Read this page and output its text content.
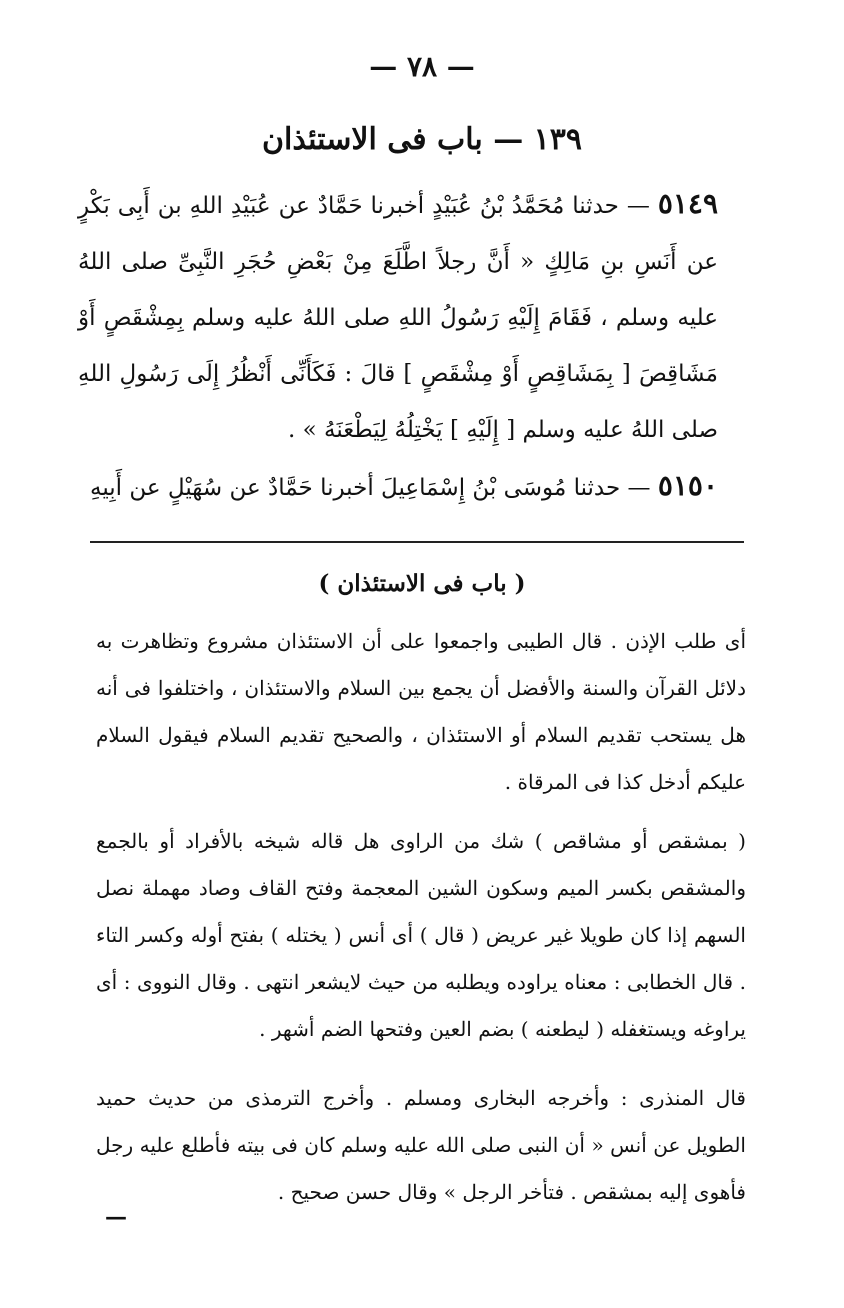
— ٧٨ —
١٣٩ — باب فى الاستئذان
٥١٤٩ — حدثنا مُحَمَّدُ بْنُ عُبَيْدٍ أخبرنا حَمَّادٌ عن عُبَيْدِ اللهِ بن أَبِى بَكْرٍ عن أَنَسِ بنِ مَالِكٍ « أَنَّ رجلاً اطَّلَعَ مِنْ بَعْضِ حُجَرِ النَّبِىِّ صلى اللهُ عليه وسلم ، فَقَامَ إِلَيْهِ رَسُولُ اللهِ صلى اللهُ عليه وسلم بِمِشْقَصٍ أَوْ مَشَاقِصَ [ بِمَشَاقِصٍ أَوْ مِشْقَصٍ ] قالَ : فَكَأَنِّى أَنْظُرُ إِلَى رَسُولِ اللهِ صلى اللهُ عليه وسلم [ إِلَيْهِ ] يَخْتِلُهُ لِيَطْعَنَهُ » .
٥١٥٠ — حدثنا مُوسَى بْنُ إِسْمَاعِيلَ أخبرنا حَمَّادٌ عن سُهَيْلٍ عن أَبِيهِ
( باب فى الاستئذان )
أى طلب الإذن . قال الطيبى واجمعوا على أن الاستئذان مشروع وتظاهرت به دلائل القرآن والسنة والأفضل أن يجمع بين السلام والاستئذان ، واختلفوا فى أنه هل يستحب تقديم السلام أو الاستئذان ، والصحيح تقديم السلام فيقول السلام عليكم أدخل كذا فى المرقاة .
( بمشقص أو مشاقص ) شك من الراوى هل قاله شيخه بالأفراد أو بالجمع والمشقص بكسر الميم وسكون الشين المعجمة وفتح القاف وصاد مهملة نصل السهم إذا كان طويلا غير عريض ( قال ) أى أنس ( يختله ) بفتح أوله وكسر التاء . قال الخطابى : معناه يراوده ويطلبه من حيث لايشعر انتهى . وقال النووى : أى يراوغه ويستغفله ( ليطعنه ) بضم العين وفتحها الضم أشهر .
قال المنذرى : وأخرجه البخارى ومسلم . وأخرج الترمذى من حديث حميد الطويل عن أنس « أن النبى صلى الله عليه وسلم كان فى بيته فأطلع عليه رجل فأهوى إليه بمشقص . فتأخر الرجل » وقال حسن صحيح .
—
